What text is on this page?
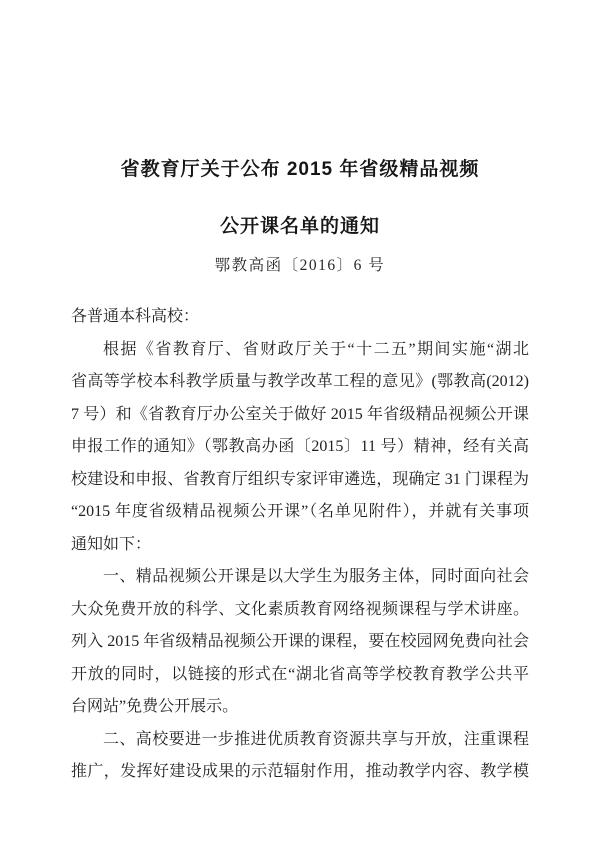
省教育厅关于公布 2015 年省级精品视频
公开课名单的通知
鄂教高函〔2016〕6 号
各普通本科高校：
根据《省教育厅、省财政厅关于“十二五”期间实施“湖北
省高等学校本科教学质量与教学改革工程的意见》(鄂教高(2012)
7 号）和《省教育厅办公室关于做好 2015 年省级精品视频公开课
申报工作的通知》（鄂教高办函〔2015〕11 号）精神，经有关高
校建设和申报、省教育厅组织专家评审遴选，现确定 31 门课程为
“2015 年度省级精品视频公开课”（名单见附件），并就有关事项
通知如下：
一、精品视频公开课是以大学生为服务主体，同时面向社会
大众免费开放的科学、文化素质教育网络视频课程与学术讲座。
列入 2015 年省级精品视频公开课的课程，要在校园网免费向社会
开放的同时，以链接的形式在“湖北省高等学校教育教学公共平
台网站”免费公开展示。
二、高校要进一步推进优质教育资源共享与开放，注重课程
推广，发挥好建设成果的示范辐射作用，推动教学内容、教学模
